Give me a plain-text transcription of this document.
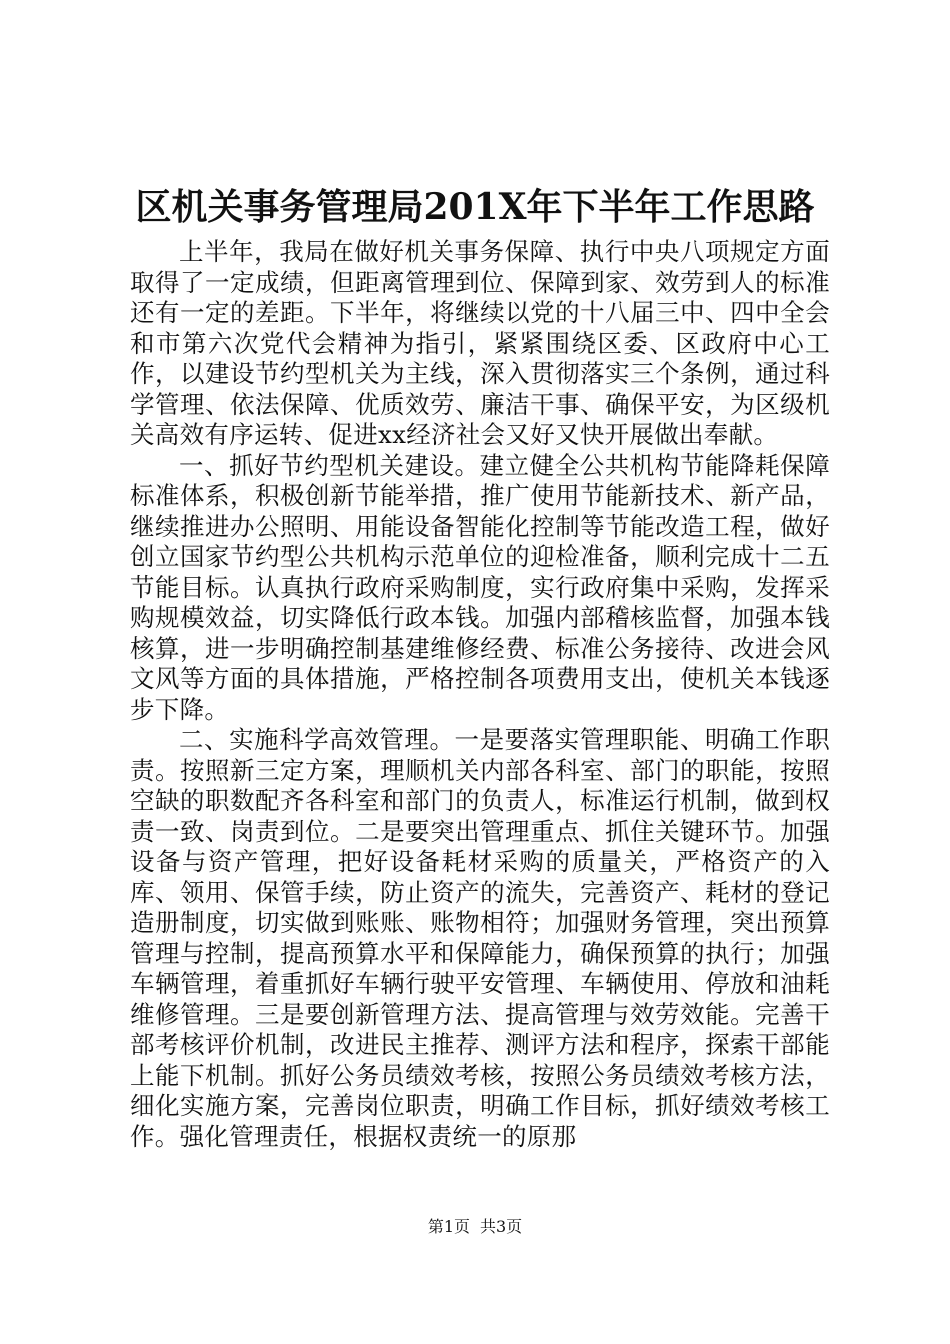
区机关事务管理局201X年下半年工作思路

上半年，我局在做好机关事务保障、执行中央八项规定方面取得了一定成绩，但距离管理到位、保障到家、效劳到人的标准还有一定的差距。下半年，将继续以党的十八届三中、四中全会和市第六次党代会精神为指引，紧紧围绕区委、区政府中心工作，以建设节约型机关为主线，深入贯彻落实三个条例，通过科学管理、依法保障、优质效劳、廉洁干事、确保平安，为区级机关高效有序运转、促进xx经济社会又好又快开展做出奉献。

一、抓好节约型机关建设。建立健全公共机构节能降耗保障标准体系，积极创新节能举措，推广使用节能新技术、新产品，继续推进办公照明、用能设备智能化控制等节能改造工程，做好创立国家节约型公共机构示范单位的迎检准备，顺利完成十二五节能目标。认真执行政府采购制度，实行政府集中采购，发挥采购规模效益，切实降低行政本钱。加强内部稽核监督，加强本钱核算，进一步明确控制基建维修经费、标准公务接待、改进会风文风等方面的具体措施，严格控制各项费用支出，使机关本钱逐步下降。

二、实施科学高效管理。一是要落实管理职能、明确工作职责。按照新三定方案，理顺机关内部各科室、部门的职能，按照空缺的职数配齐各科室和部门的负责人，标准运行机制，做到权责一致、岗责到位。二是要突出管理重点、抓住关键环节。加强设备与资产管理，把好设备耗材采购的质量关，严格资产的入库、领用、保管手续，防止资产的流失，完善资产、耗材的登记造册制度，切实做到账账、账物相符；加强财务管理，突出预算管理与控制，提高预算水平和保障能力，确保预算的执行；加强车辆管理，着重抓好车辆行驶平安管理、车辆使用、停放和油耗维修管理。三是要创新管理方法、提高管理与效劳效能。完善干部考核评价机制，改进民主推荐、测评方法和程序，探索干部能上能下机制。抓好公务员绩效考核，按照公务员绩效考核方法，细化实施方案，完善岗位职责，明确工作目标，抓好绩效考核工作。强化管理责任，根据权责统一的原那

第1页 共3页
